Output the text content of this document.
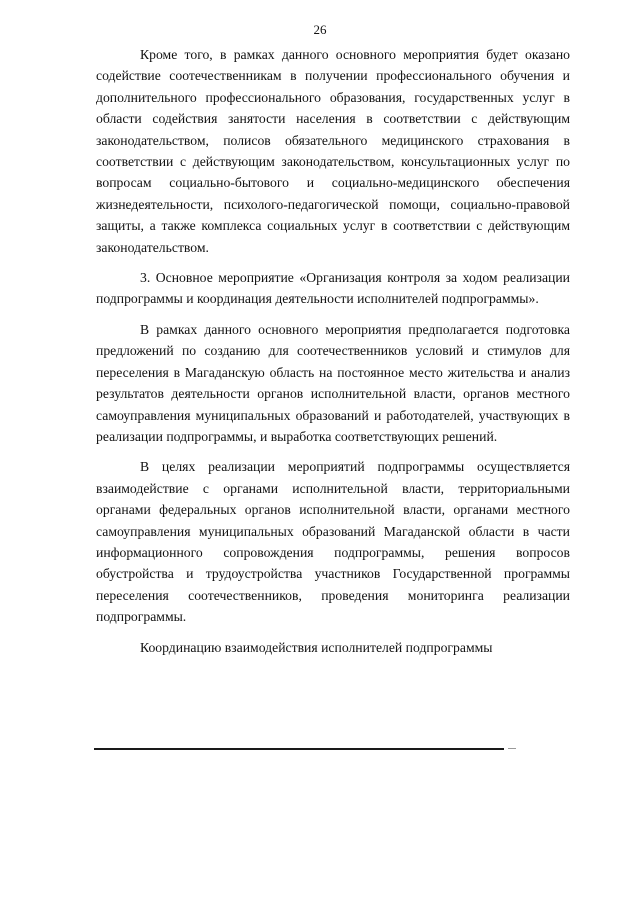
26

Кроме того, в рамках данного основного мероприятия будет оказано содействие соотечественникам в получении профессионального обучения и дополнительного профессионального образования, государственных услуг в области содействия занятости населения в соответствии с действующим законодательством, полисов обязательного медицинского страхования в соответствии с действующим законодательством, консультационных услуг по вопросам социально-бытового и социально-медицинского обеспечения жизнедеятельности, психолого-педагогической помощи, социально-правовой защиты, а также комплекса социальных услуг в соответствии с действующим законодательством.

3. Основное мероприятие «Организация контроля за ходом реализации подпрограммы и координация деятельности исполнителей подпрограммы».

В рамках данного основного мероприятия предполагается подготовка предложений по созданию для соотечественников условий и стимулов для переселения в Магаданскую область на постоянное место жительства и анализ результатов деятельности органов исполнительной власти, органов местного самоуправления муниципальных образований и работодателей, участвующих в реализации подпрограммы, и выработка соответствующих решений.

В целях реализации мероприятий подпрограммы осуществляется взаимодействие с органами исполнительной власти, территориальными органами федеральных органов исполнительной власти, органами местного самоуправления муниципальных образований Магаданской области в части информационного сопровождения подпрограммы, решения вопросов обустройства и трудоустройства участников Государственной программы переселения соотечественников, проведения мониторинга реализации подпрограммы.

Координацию взаимодействия исполнителей подпрограммы
